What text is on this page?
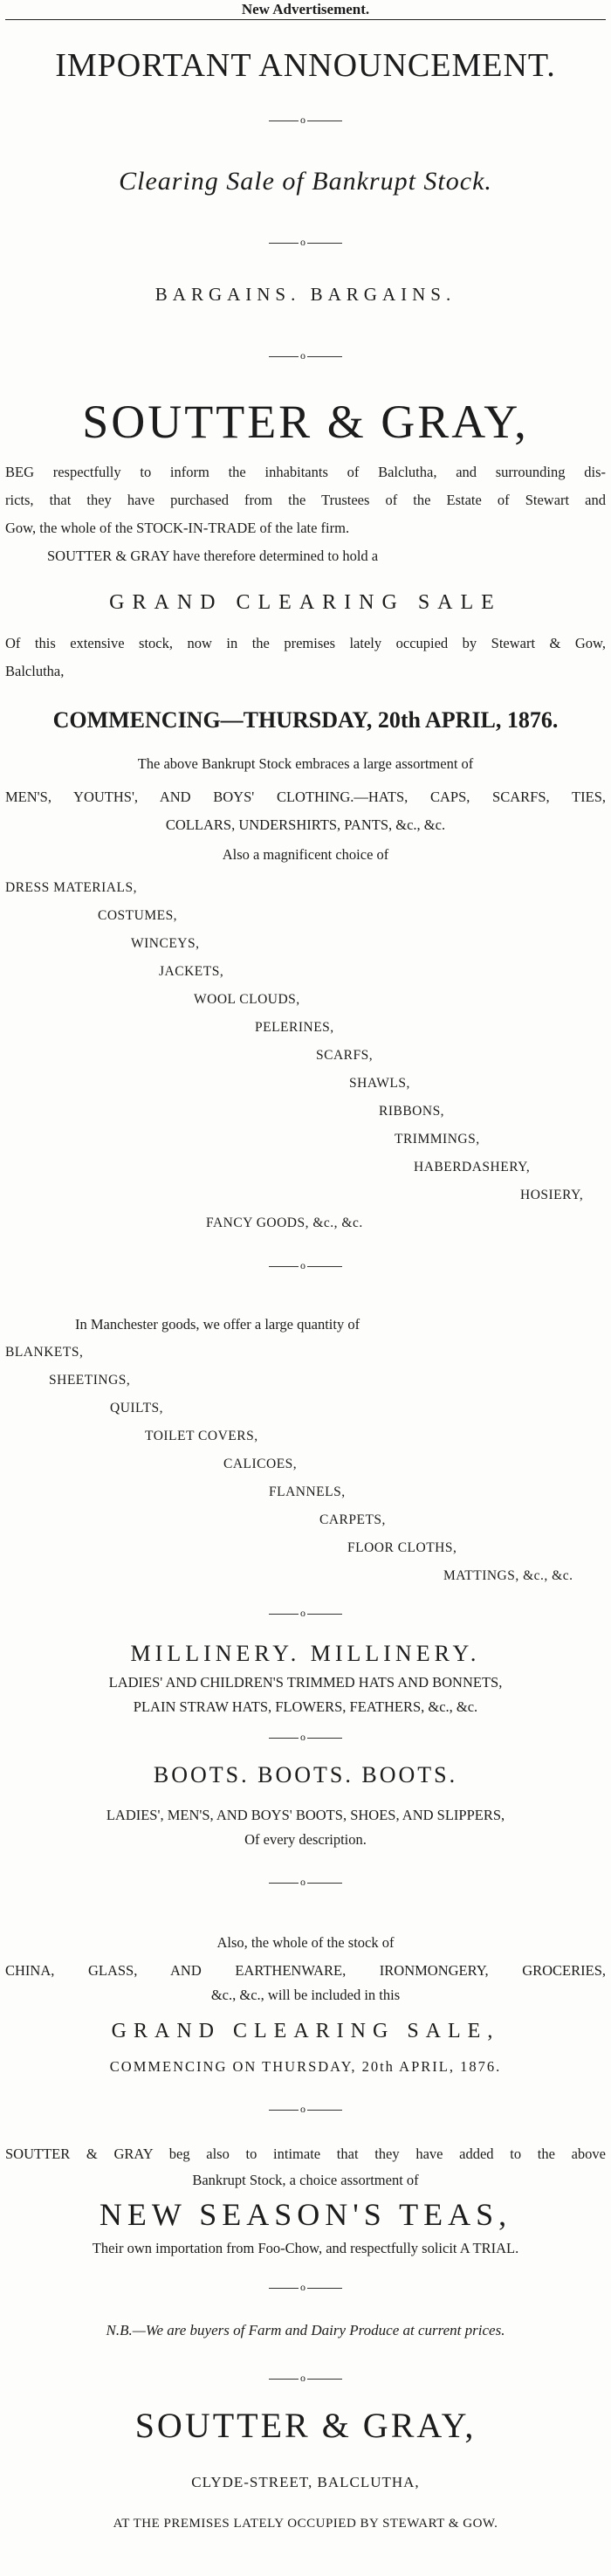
New Advertisement.
IMPORTANT ANNOUNCEMENT.
o
Clearing Sale of Bankrupt Stock.
o
BARGAINS. BARGAINS.
o
SOUTTER & GRAY,
BEG respectfully to inform the inhabitants of Balclutha, and surrounding dis-
ricts, that they have purchased from the Trustees of the Estate of Stewart and
Gow, the whole of the STOCK-IN-TRADE of the late firm.
SOUTTER & GRAY have therefore determined to hold a
GRAND CLEARING SALE
Of this extensive stock, now in the premises lately occupied by Stewart & Gow,
Balclutha,
COMMENCING—THURSDAY, 20th APRIL, 1876.
The above Bankrupt Stock embraces a large assortment of
MEN'S, YOUTHS', AND BOYS' CLOTHING.—HATS, CAPS, SCARFS, TIES,
COLLARS, UNDERSHIRTS, PANTS, &c., &c.
Also a magnificent choice of
DRESS MATERIALS,
COSTUMES,
WINCEYS,
JACKETS,
WOOL CLOUDS,
PELERINES,
SCARFS,
SHAWLS,
RIBBONS,
TRIMMINGS,
HABERDASHERY,
HOSIERY,
FANCY GOODS, &c., &c.
o
In Manchester goods, we offer a large quantity of
BLANKETS,
SHEETINGS,
QUILTS,
TOILET COVERS,
CALICOES,
FLANNELS,
CARPETS,
FLOOR CLOTHS,
MATTINGS, &c., &c.
o
MILLINERY. MILLINERY.
LADIES' AND CHILDREN'S TRIMMED HATS AND BONNETS,
PLAIN STRAW HATS, FLOWERS, FEATHERS, &c., &c.
o
BOOTS. BOOTS. BOOTS.
LADIES', MEN'S, AND BOYS' BOOTS, SHOES, AND SLIPPERS,
Of every description.
o
Also, the whole of the stock of
CHINA, GLASS, AND EARTHENWARE, IRONMONGERY, GROCERIES,
&c., &c., will be included in this
GRAND CLEARING SALE,
COMMENCING ON THURSDAY, 20th APRIL, 1876.
o
SOUTTER & GRAY beg also to intimate that they have added to the above
Bankrupt Stock, a choice assortment of
NEW SEASON'S TEAS,
Their own importation from Foo-Chow, and respectfully solicit A TRIAL.
o
N.B.—We are buyers of Farm and Dairy Produce at current prices.
o
SOUTTER & GRAY,
CLYDE-STREET, BALCLUTHA,
AT THE PREMISES LATELY OCCUPIED BY STEWART & GOW.
